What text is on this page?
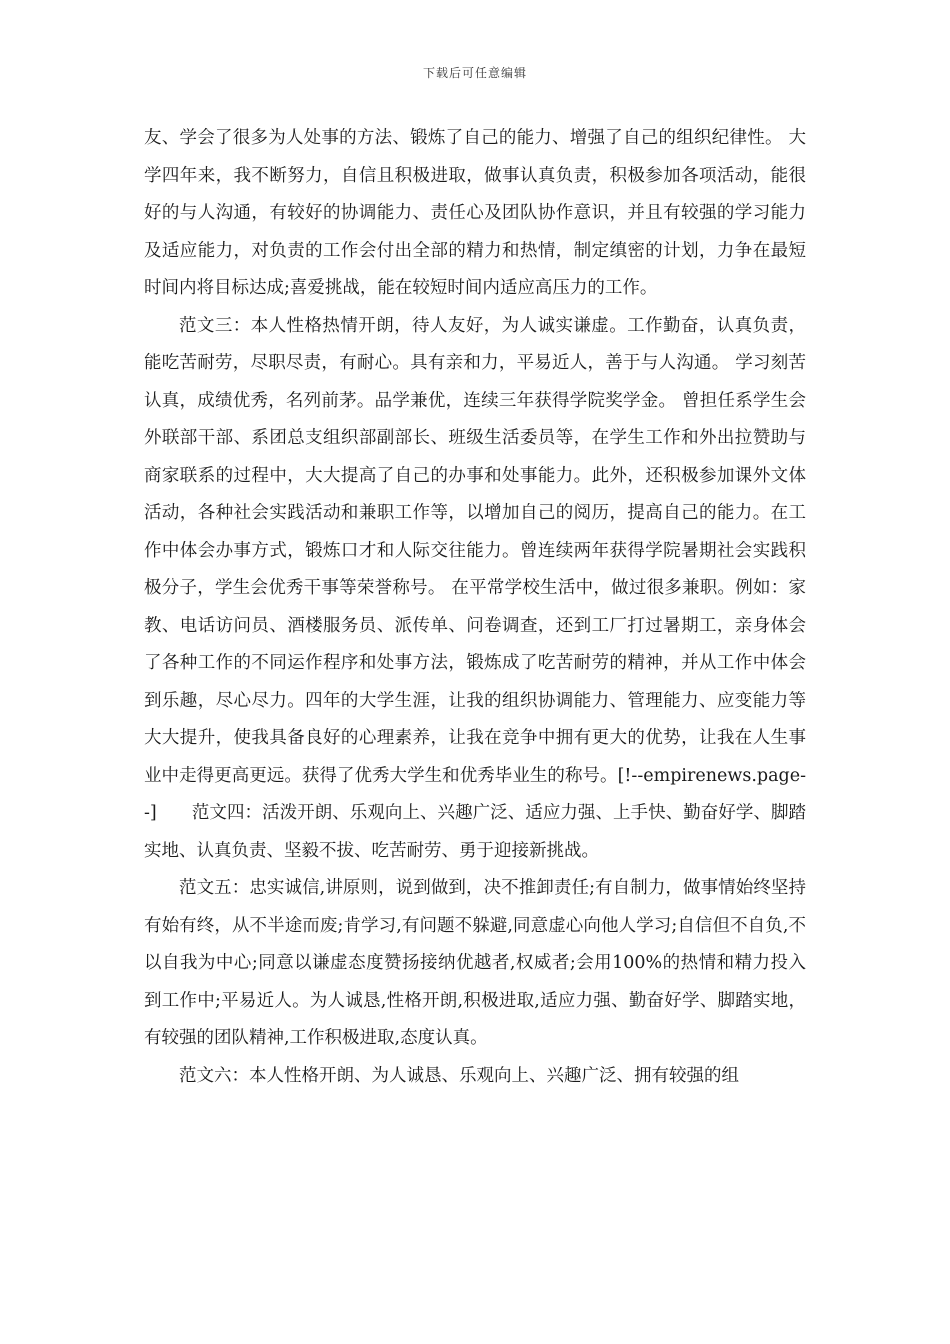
下载后可任意编辑

友、学会了很多为人处事的方法、锻炼了自己的能力、增强了自己的组织纪律性。 大学四年来，我不断努力，自信且积极进取，做事认真负责，积极参加各项活动，能很好的与人沟通，有较好的协调能力、责任心及团队协作意识，并且有较强的学习能力及适应能力，对负责的工作会付出全部的精力和热情，制定缜密的计划，力争在最短时间内将目标达成;喜爱挑战，能在较短时间内适应高压力的工作。

范文三：本人性格热情开朗，待人友好，为人诚实谦虚。工作勤奋，认真负责，能吃苦耐劳，尽职尽责，有耐心。具有亲和力，平易近人，善于与人沟通。 学习刻苦认真，成绩优秀，名列前茅。品学兼优，连续三年获得学院奖学金。 曾担任系学生会外联部干部、系团总支组织部副部长、班级生活委员等，在学生工作和外出拉赞助与商家联系的过程中，大大提高了自己的办事和处事能力。此外，还积极参加课外文体活动，各种社会实践活动和兼职工作等，以增加自己的阅历，提高自己的能力。在工作中体会办事方式，锻炼口才和人际交往能力。曾连续两年获得学院暑期社会实践积极分子，学生会优秀干事等荣誉称号。 在平常学校生活中，做过很多兼职。例如：家教、电话访问员、酒楼服务员、派传单、问卷调查，还到工厂打过暑期工，亲身体会了各种工作的不同运作程序和处事方法，锻炼成了吃苦耐劳的精神，并从工作中体会到乐趣，尽心尽力。四年的大学生涯，让我的组织协调能力、管理能力、应变能力等大大提升，使我具备良好的心理素养，让我在竞争中拥有更大的优势，让我在人生事业中走得更高更远。获得了优秀大学生和优秀毕业生的称号。[!--empirenews.page--]　　范文四：活泼开朗、乐观向上、兴趣广泛、适应力强、上手快、勤奋好学、脚踏实地、认真负责、坚毅不拔、吃苦耐劳、勇于迎接新挑战。

范文五：忠实诚信,讲原则，说到做到，决不推卸责任;有自制力，做事情始终坚持有始有终，从不半途而废;肯学习,有问题不躲避,同意虚心向他人学习;自信但不自负,不以自我为中心;同意以谦虚态度赞扬接纳优越者,权威者;会用100%的热情和精力投入到工作中;平易近人。为人诚恳,性格开朗,积极进取,适应力强、勤奋好学、脚踏实地，有较强的团队精神,工作积极进取,态度认真。

范文六：本人性格开朗、为人诚恳、乐观向上、兴趣广泛、拥有较强的组
